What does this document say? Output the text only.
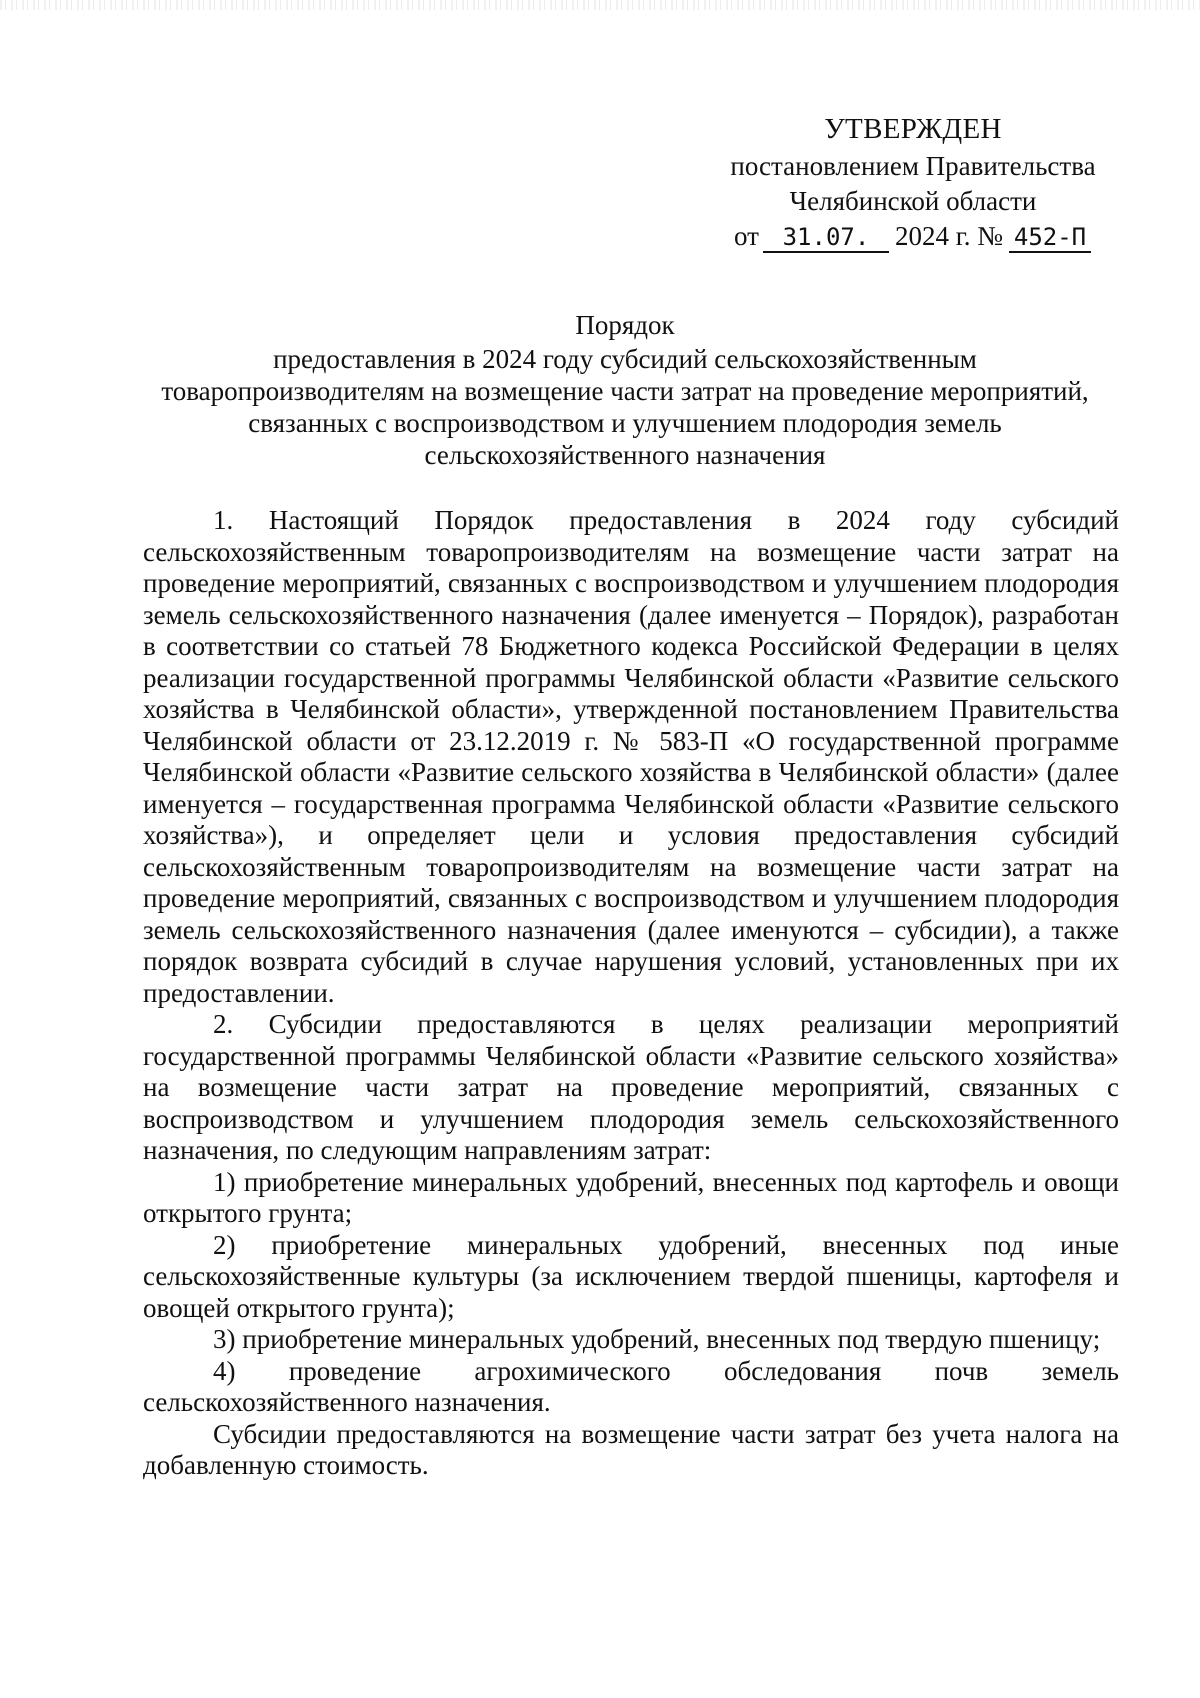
УТВЕРЖДЕН
постановлением Правительства
Челябинской области
от 31.07. 2024 г. № 452-П
Порядок
предоставления в 2024 году субсидий сельскохозяйственным
товаропроизводителям на возмещение части затрат на проведение мероприятий,
связанных с воспроизводством и улучшением плодородия земель
сельскохозяйственного назначения

1. Настоящий Порядок предоставления в 2024 году субсидий сельскохозяйственным товаропроизводителям на возмещение части затрат на проведение мероприятий, связанных с воспроизводством и улучшением плодородия земель сельскохозяйственного назначения (далее именуется – Порядок), разработан в соответствии со статьей 78 Бюджетного кодекса Российской Федерации в целях реализации государственной программы Челябинской области «Развитие сельского хозяйства в Челябинской области», утвержденной постановлением Правительства Челябинской области от 23.12.2019 г. № 583-П «О государственной программе Челябинской области «Развитие сельского хозяйства в Челябинской области» (далее именуется – государственная программа Челябинской области «Развитие сельского хозяйства»), и определяет цели и условия предоставления субсидий сельскохозяйственным товаропроизводителям на возмещение части затрат на проведение мероприятий, связанных с воспроизводством и улучшением плодородия земель сельскохозяйственного назначения (далее именуются – субсидии), а также порядок возврата субсидий в случае нарушения условий, установленных при их предоставлении.

2. Субсидии предоставляются в целях реализации мероприятий государственной программы Челябинской области «Развитие сельского хозяйства» на возмещение части затрат на проведение мероприятий, связанных с воспроизводством и улучшением плодородия земель сельскохозяйственного назначения, по следующим направлениям затрат:

1) приобретение минеральных удобрений, внесенных под картофель и овощи открытого грунта;

2) приобретение минеральных удобрений, внесенных под иные сельскохозяйственные культуры (за исключением твердой пшеницы, картофеля и овощей открытого грунта);

3) приобретение минеральных удобрений, внесенных под твердую пшеницу;

4) проведение агрохимического обследования почв земель сельскохозяйственного назначения.

Субсидии предоставляются на возмещение части затрат без учета налога на добавленную стоимость.
